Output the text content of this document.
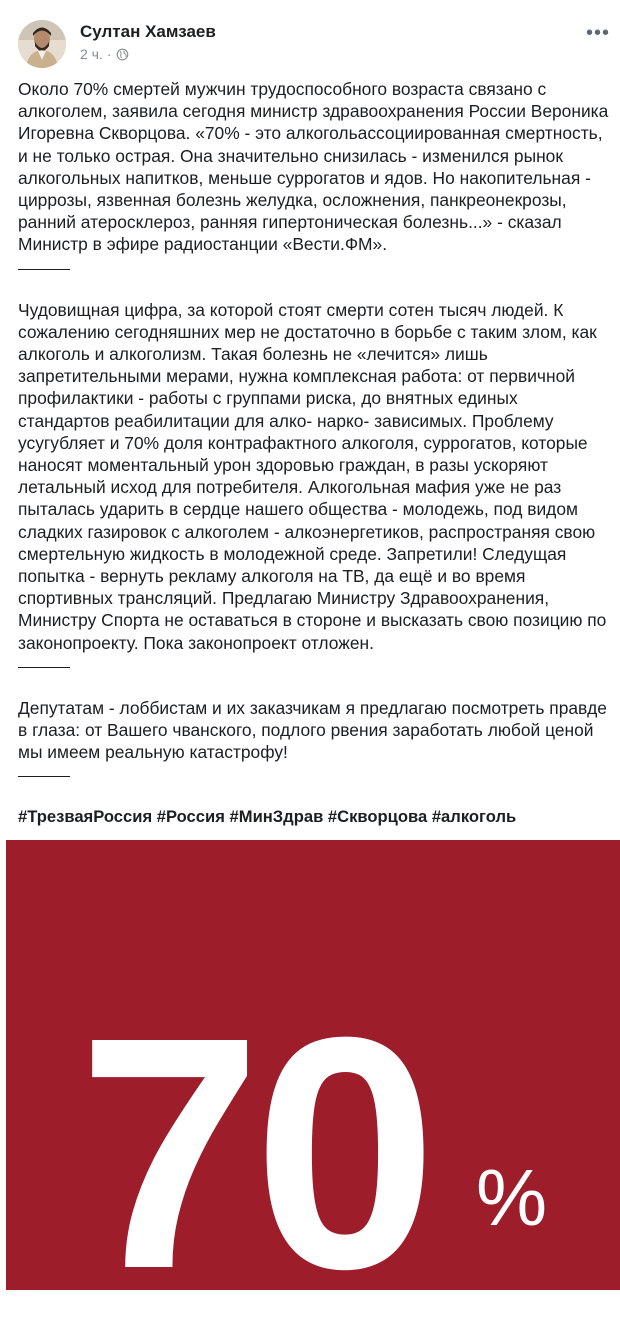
Султан Хамзаев
2 ч. ·
•••

Около 70% смертей мужчин трудоспособного возраста связано с алкоголем, заявила сегодня министр здравоохранения России Вероника Игоревна Скворцова. «70% - это алкогольассоциированная смертность, и не только острая. Она значительно снизилась - изменился рынок алкогольных напитков, меньше суррогатов и ядов. Но накопительная - циррозы, язвенная болезнь желудка, осложнения, панкреонекрозы, ранний атеросклероз, ранняя гипертоническая болезнь...» - сказал Министр в эфире радиостанции «Вести.ФМ».

Чудовищная цифра, за которой стоят смерти сотен тысяч людей. К сожалению сегодняшних мер не достаточно в борьбе с таким злом, как алкоголь и алкоголизм. Такая болезнь не «лечится» лишь запретительными мерами, нужна комплексная работа: от первичной профилактики - работы с группами риска, до внятных единых стандартов реабилитации для алко- нарко- зависимых. Проблему усугубляет и 70% доля контрафактного алкоголя, суррогатов, которые наносят моментальный урон здоровью граждан, в разы ускоряют летальный исход для потребителя. Алкогольная мафия уже не раз пыталась ударить в сердце нашего общества - молодежь, под видом сладких газировок с алкоголем - алкоэнергетиков, распространяя свою смертельную жидкость в молодежной среде. Запретили! Следущая попытка - вернуть рекламу алкоголя на ТВ, да ещё и во время спортивных трансляций. Предлагаю Министру Здравоохранения, Министру Спорта не оставаться в стороне и высказать свою позицию по законопроекту. Пока законопроект отложен.

Депутатам - лоббистам и их заказчикам я предлагаю посмотреть правде в глаза: от Вашего чванского, подлого рвения заработать любой ценой мы имеем реальную катастрофу!

#ТрезваяРоссия #Россия #МинЗдрав #Скворцова #алкоголь
70 %
